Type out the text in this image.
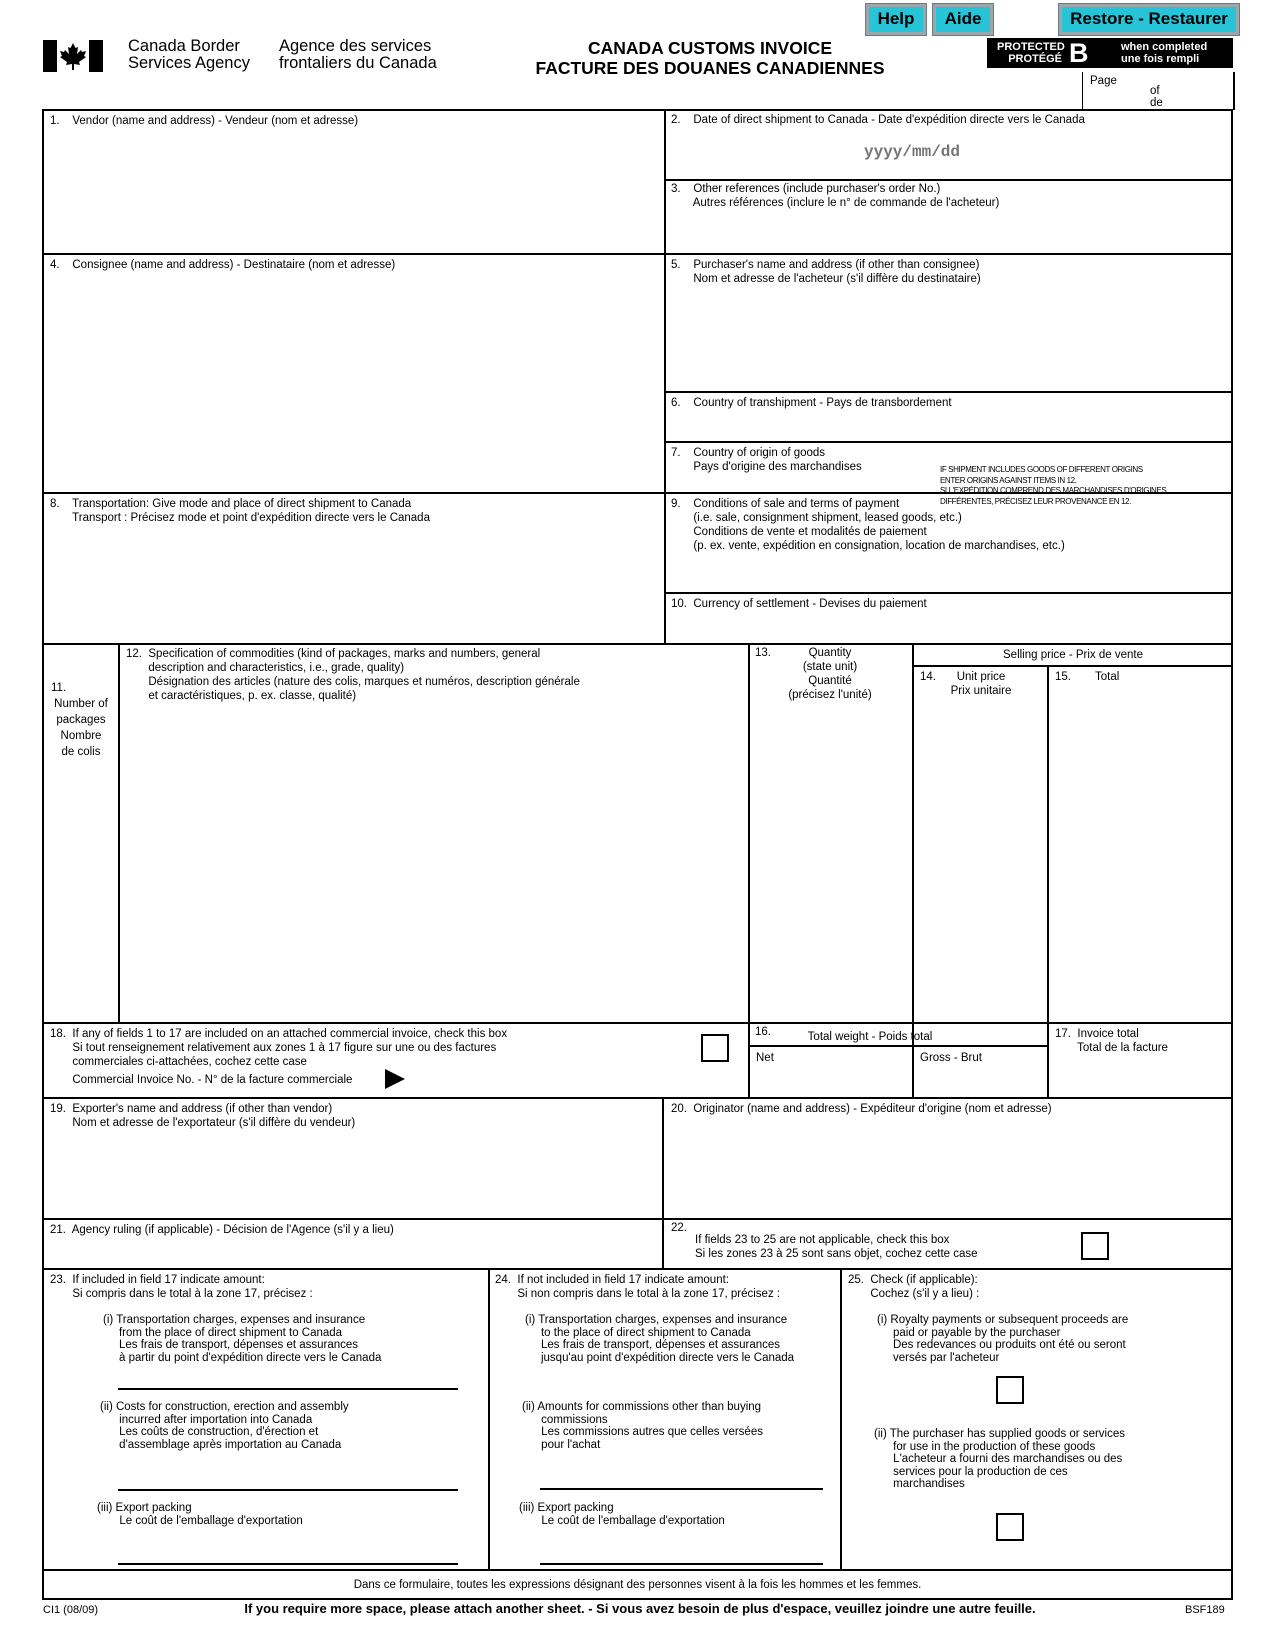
Help	Aide	Restore - Restaurer
Canada Border
Services Agency
Agence des services
frontaliers du Canada
CANADA CUSTOMS INVOICE
FACTURE DES DOUANES CANADIENNES
PROTECTED
PROTÉGÉ B	when completed
une fois rempli
Page
of
de
1.    Vendor (name and address) - Vendeur (nom et adresse)	2.    Date of direct shipment to Canada - Date d'expédition directe vers le Canada
yyyy/mm/dd
3.    Other references (include purchaser's order No.)
Autres références (inclure le n° de commande de l'acheteur)
4.    Consignee (name and address) - Destinataire (nom et adresse)	5.    Purchaser's name and address (if other than consignee)
Nom et adresse de l'acheteur (s'il diffère du destinataire)
6.    Country of transhipment - Pays de transbordement
7.    Country of origin of goods
Pays d'origine des marchandises

	IF SHIPMENT INCLUDES GOODS OF DIFFERENT ORIGINS
ENTER ORIGINS AGAINST ITEMS IN 12.
SI L'EXPÉDITION COMPREND DES MARCHANDISES D'ORIGINES
DIFFÉRENTES, PRÉCISEZ LEUR PROVENANCE EN 12.

8.    Transportation: Give mode and place of direct shipment to Canada
Transport : Précisez mode et point d'expédition directe vers le Canada
9.    Conditions of sale and terms of payment
(i.e. sale, consignment shipment, leased goods, etc.)
Conditions de vente et modalités de paiement
(p. ex. vente, expédition en consignation, location de marchandises, etc.)
10.  Currency of settlement - Devises du paiement

11.
Number of
packages
Nombre
de colis

12.  Specification of commodities (kind of packages, marks and numbers, general
description and characteristics, i.e., grade, quality)
Désignation des articles (nature des colis, marques et numéros, description générale
et caractéristiques, p. ex. classe, qualité)
13.	Quantity
(state unit)
Quantité
(précisez l'unité)
Selling price - Prix de vente
14.	Unit price
Prix unitaire
15. Total
18.  If any of fields 1 to 17 are included on an attached commercial invoice, check this box
Si tout renseignement relativement aux zones 1 à 17 figure sur une ou des factures
commerciales ci-attachées, cochez cette case
Commercial Invoice No. - N° de la facture commerciale
16.	Total weight - Poids total
Net	Gross - Brut
17.  Invoice total
Total de la facture
19.  Exporter's name and address (if other than vendor)
Nom et adresse de l'exportateur (s'il diffère du vendeur)
20.  Originator (name and address) - Expéditeur d'origine (nom et adresse)
21.  Agency ruling (if applicable) - Décision de l'Agence (s'il y a lieu)	22.
If fields 23 to 25 are not applicable, check this box
Si les zones 23 à 25 sont sans objet, cochez cette case
23.  If included in field 17 indicate amount:
Si compris dans le total à la zone 17, précisez :
(i) Transportation charges, expenses and insurance
from the place of direct shipment to Canada
Les frais de transport, dépenses et assurances
à partir du point d'expédition directe vers le Canada
(ii) Costs for construction, erection and assembly
incurred after importation into Canada
Les coûts de construction, d'érection et
d'assemblage après importation au Canada
(iii) Export packing
Le coût de l'emballage d'exportation
24.  If not included in field 17 indicate amount:
Si non compris dans le total à la zone 17, précisez :
(i) Transportation charges, expenses and insurance
to the place of direct shipment to Canada
Les frais de transport, dépenses et assurances
jusqu'au point d'expédition directe vers le Canada
(ii) Amounts for commissions other than buying
commissions
Les commissions autres que celles versées
pour l'achat
(iii) Export packing
Le coût de l'emballage d'exportation
25.  Check (if applicable):
Cochez (s'il y a lieu) :
(i) Royalty payments or subsequent proceeds are
paid or payable by the purchaser
Des redevances ou produits ont été ou seront
versés par l'acheteur
(ii) The purchaser has supplied goods or services
for use in the production of these goods
L'acheteur a fourni des marchandises ou des
services pour la production de ces
marchandises
Dans ce formulaire, toutes les expressions désignant des personnes visent à la fois les hommes et les femmes.
CI1 (08/09)	If you require more space, please attach another sheet. - Si vous avez besoin de plus d'espace, veuillez joindre une autre feuille.	BSF189
